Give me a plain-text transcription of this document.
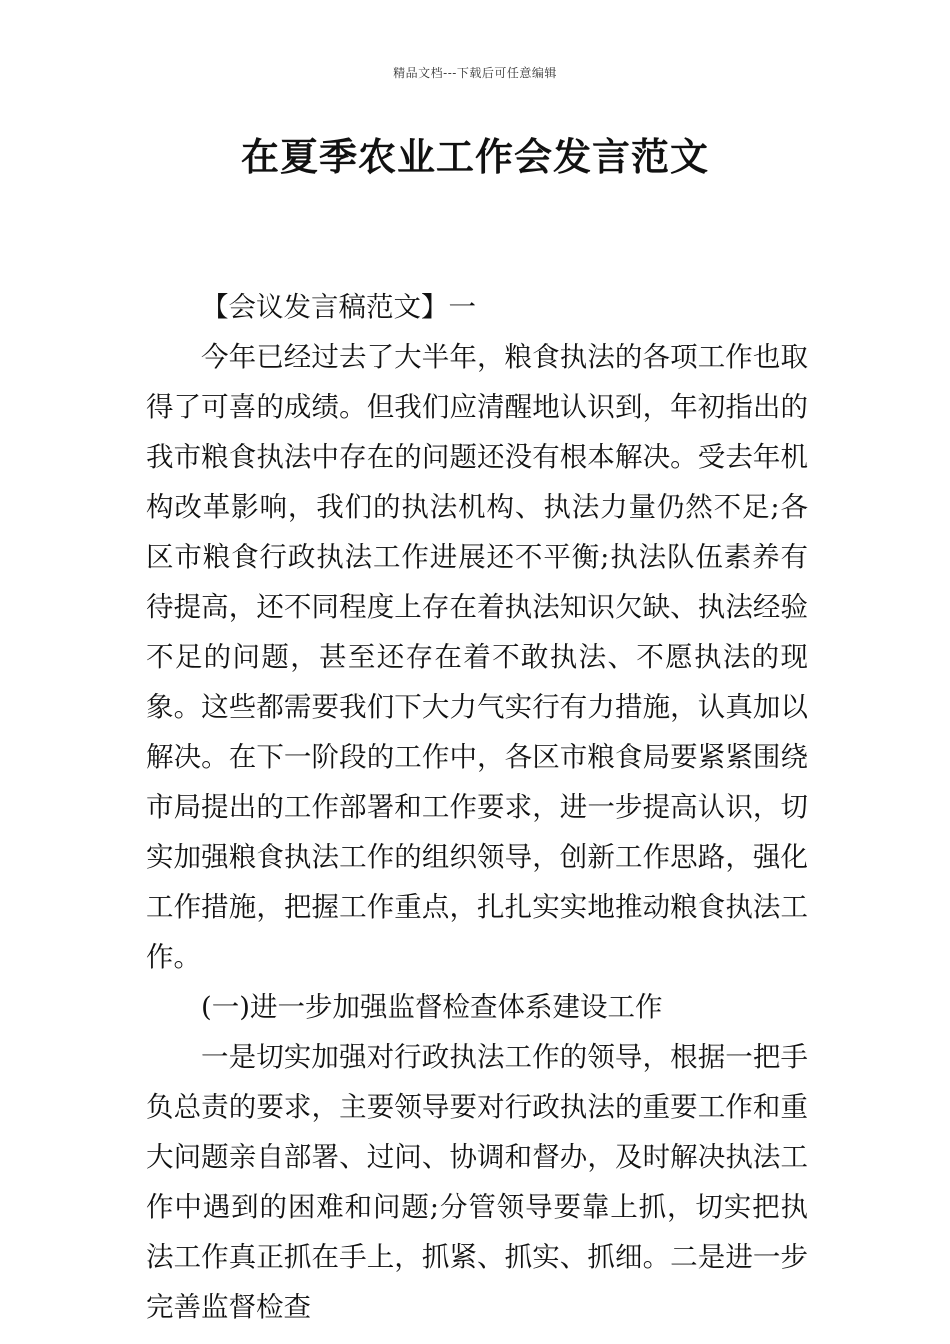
精品文档---下载后可任意编辑
在夏季农业工作会发言范文

【会议发言稿范文】一

今年已经过去了大半年，粮食执法的各项工作也取得了可喜的成绩。但我们应清醒地认识到，年初指出的我市粮食执法中存在的问题还没有根本解决。受去年机构改革影响，我们的执法机构、执法力量仍然不足;各区市粮食行政执法工作进展还不平衡;执法队伍素养有待提高，还不同程度上存在着执法知识欠缺、执法经验不足的问题，甚至还存在着不敢执法、不愿执法的现象。这些都需要我们下大力气实行有力措施，认真加以解决。在下一阶段的工作中，各区市粮食局要紧紧围绕市局提出的工作部署和工作要求，进一步提高认识，切实加强粮食执法工作的组织领导，创新工作思路，强化工作措施，把握工作重点，扎扎实实地推动粮食执法工作。

(一)进一步加强监督检查体系建设工作

一是切实加强对行政执法工作的领导，根据一把手负总责的要求，主要领导要对行政执法的重要工作和重大问题亲自部署、过问、协调和督办，及时解决执法工作中遇到的困难和问题;分管领导要靠上抓，切实把执法工作真正抓在手上，抓紧、抓实、抓细。二是进一步完善监督检查
